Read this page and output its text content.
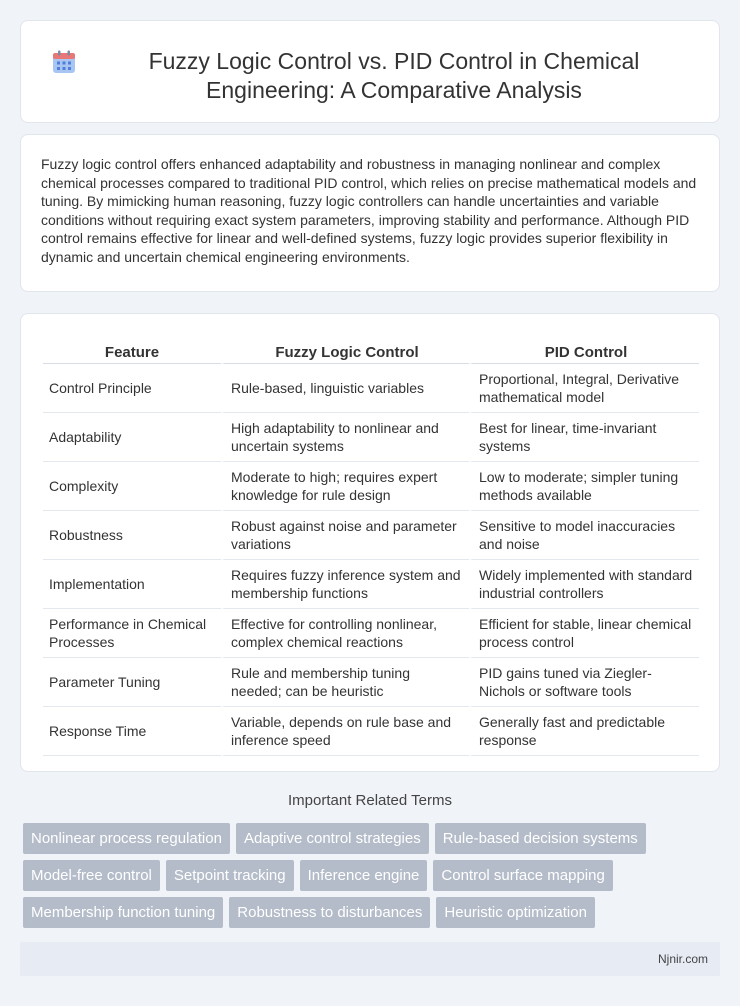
Fuzzy Logic Control vs. PID Control in Chemical Engineering: A Comparative Analysis

Fuzzy logic control offers enhanced adaptability and robustness in managing nonlinear and complex chemical processes compared to traditional PID control, which relies on precise mathematical models and tuning. By mimicking human reasoning, fuzzy logic controllers can handle uncertainties and variable conditions without requiring exact system parameters, improving stability and performance. Although PID control remains effective for linear and well-defined systems, fuzzy logic provides superior flexibility in dynamic and uncertain chemical engineering environments.

Feature	Fuzzy Logic Control	PID Control
Control Principle	Rule-based, linguistic variables	Proportional, Integral, Derivative mathematical model
Adaptability	High adaptability to nonlinear and uncertain systems	Best for linear, time-invariant systems
Complexity	Moderate to high; requires expert knowledge for rule design	Low to moderate; simpler tuning methods available
Robustness	Robust against noise and parameter variations	Sensitive to model inaccuracies and noise
Implementation	Requires fuzzy inference system and membership functions	Widely implemented with standard industrial controllers
Performance in Chemical Processes	Effective for controlling nonlinear, complex chemical reactions	Efficient for stable, linear chemical process control
Parameter Tuning	Rule and membership tuning needed; can be heuristic	PID gains tuned via Ziegler-Nichols or software tools
Response Time	Variable, depends on rule base and inference speed	Generally fast and predictable response
Important Related Terms
Nonlinear process regulation	Adaptive control strategies	Rule-based decision systems
Model-free control	Setpoint tracking	Inference engine	Control surface mapping
Membership function tuning	Robustness to disturbances	Heuristic optimization
Njnir.com
